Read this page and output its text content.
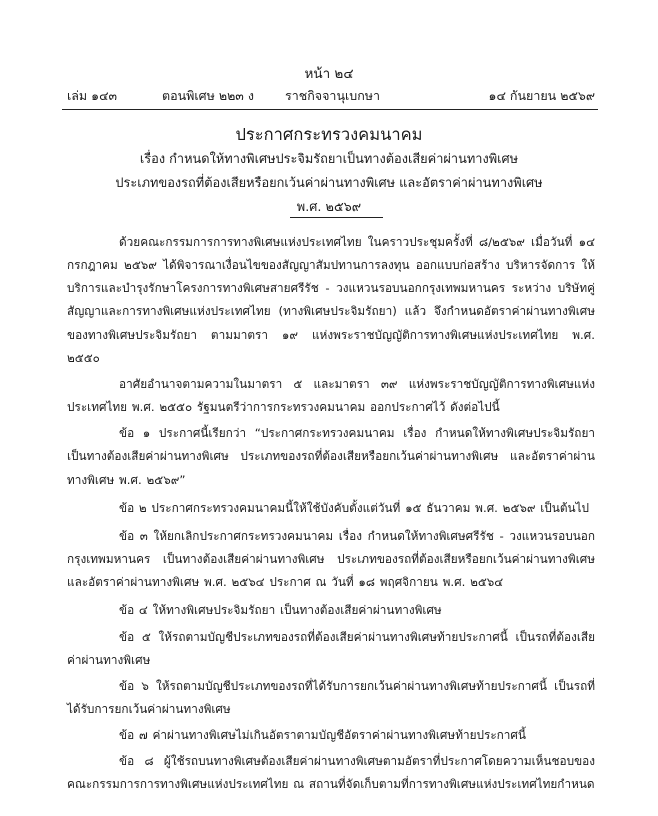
หน้า ๒๔
เล่ม ๑๔๓	ตอนพิเศษ ๒๒๓ ง ราชกิจจานุเบกษา	๑๔ กันยายน ๒๕๖๙
ประกาศกระทรวงคมนาคม
เรื่อง กำหนดให้ทางพิเศษประจิมรัถยาเป็นทางต้องเสียค่าผ่านทางพิเศษ
ประเภทของรถที่ต้องเสียหรือยกเว้นค่าผ่านทางพิเศษ และอัตราค่าผ่านทางพิเศษ
พ.ศ. ๒๕๖๙

ด้วยคณะกรรมการการทางพิเศษแห่งประเทศไทย ในคราวประชุมครั้งที่ ๘/๒๕๖๙ เมื่อวันที่ ๑๔ กรกฎาคม ๒๕๖๙ ได้พิจารณาเงื่อนไขของสัญญาสัมปทานการลงทุน ออกแบบก่อสร้าง บริหารจัดการ ให้บริการและบำรุงรักษาโครงการทางพิเศษสายศรีรัช - วงแหวนรอบนอกกรุงเทพมหานคร ระหว่าง บริษัทคู่สัญญาและการทางพิเศษแห่งประเทศไทย (ทางพิเศษประจิมรัถยา) แล้ว จึงกำหนดอัตราค่าผ่านทางพิเศษของทางพิเศษประจิมรัถยา ตามมาตรา ๑๙ แห่งพระราชบัญญัติการทางพิเศษแห่งประเทศไทย พ.ศ. ๒๕๕๐

อาศัยอำนาจตามความในมาตรา ๕ และมาตรา ๓๙ แห่งพระราชบัญญัติการทางพิเศษแห่งประเทศไทย พ.ศ. ๒๕๕๐ รัฐมนตรีว่าการกระทรวงคมนาคม ออกประกาศไว้ ดังต่อไปนี้

ข้อ ๑ ประกาศนี้เรียกว่า “ประกาศกระทรวงคมนาคม เรื่อง กำหนดให้ทางพิเศษประจิมรัถยาเป็นทางต้องเสียค่าผ่านทางพิเศษ ประเภทของรถที่ต้องเสียหรือยกเว้นค่าผ่านทางพิเศษ และอัตราค่าผ่านทางพิเศษ พ.ศ. ๒๕๖๙”

ข้อ ๒ ประกาศกระทรวงคมนาคมนี้ให้ใช้บังคับตั้งแต่วันที่ ๑๕ ธันวาคม พ.ศ. ๒๕๖๙ เป็นต้นไป

ข้อ ๓ ให้ยกเลิกประกาศกระทรวงคมนาคม เรื่อง กำหนดให้ทางพิเศษศรีรัช - วงแหวนรอบนอกกรุงเทพมหานคร เป็นทางต้องเสียค่าผ่านทางพิเศษ ประเภทของรถที่ต้องเสียหรือยกเว้นค่าผ่านทางพิเศษ และอัตราค่าผ่านทางพิเศษ พ.ศ. ๒๕๖๔ ประกาศ ณ วันที่ ๑๘ พฤศจิกายน พ.ศ. ๒๕๖๔

ข้อ ๔ ให้ทางพิเศษประจิมรัถยา เป็นทางต้องเสียค่าผ่านทางพิเศษ

ข้อ ๕ ให้รถตามบัญชีประเภทของรถที่ต้องเสียค่าผ่านทางพิเศษท้ายประกาศนี้ เป็นรถที่ต้องเสียค่าผ่านทางพิเศษ

ข้อ ๖ ให้รถตามบัญชีประเภทของรถที่ได้รับการยกเว้นค่าผ่านทางพิเศษท้ายประกาศนี้ เป็นรถที่ได้รับการยกเว้นค่าผ่านทางพิเศษ

ข้อ ๗ ค่าผ่านทางพิเศษไม่เกินอัตราตามบัญชีอัตราค่าผ่านทางพิเศษท้ายประกาศนี้

ข้อ ๘ ผู้ใช้รถบนทางพิเศษต้องเสียค่าผ่านทางพิเศษตามอัตราที่ประกาศโดยความเห็นชอบของคณะกรรมการการทางพิเศษแห่งประเทศไทย ณ สถานที่จัดเก็บตามที่การทางพิเศษแห่งประเทศไทยกำหนด
